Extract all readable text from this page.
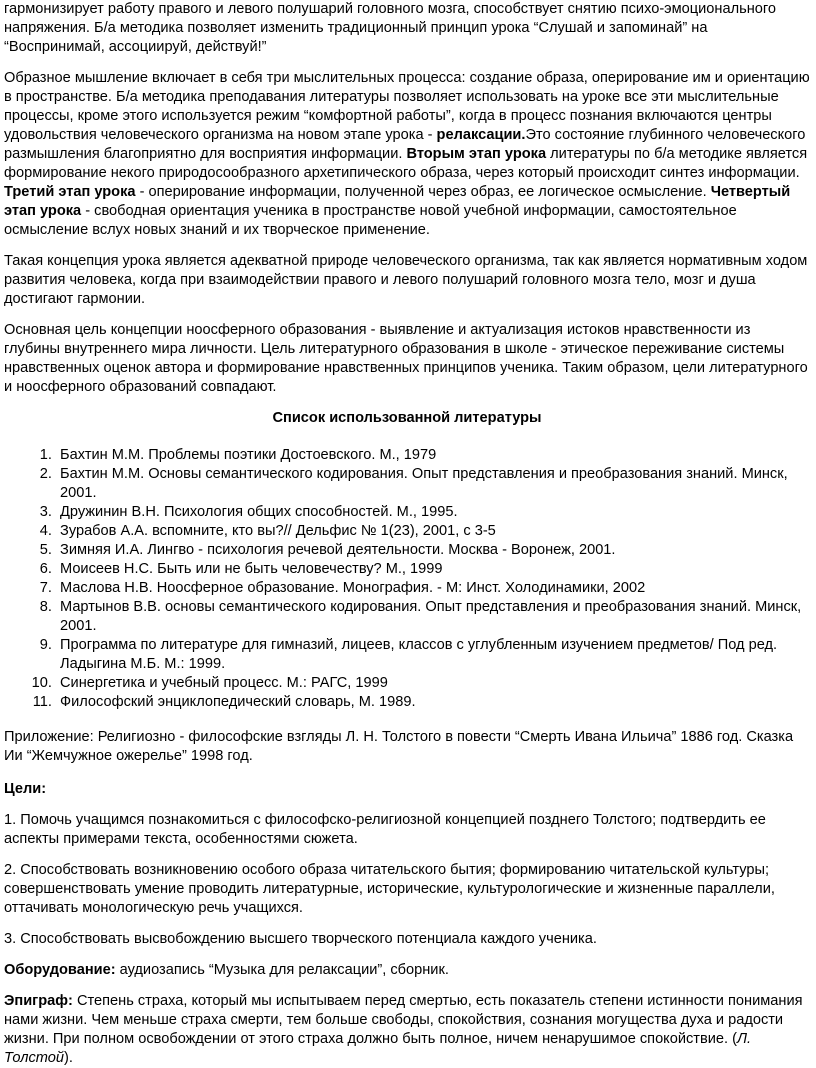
гармонизирует работу правого и левого полушарий головного мозга, способствует снятию психо-эмоционального напряжения. Б/а методика позволяет изменить традиционный принцип урока “Слушай и запоминай” на “Воспринимай, ассоциируй, действуй!”

Образное мышление включает в себя три мыслительных процесса: создание образа, оперирование им и ориентацию в пространстве. Б/а методика преподавания литературы позволяет использовать на уроке все эти мыслительные процессы, кроме этого используется режим “комфортной работы”, когда в процесс познания включаются центры удовольствия человеческого организма на новом этапе урока - релаксации.Это состояние глубинного человеческого размышления благоприятно для восприятия информации. Вторым этап урока литературы по б/а методике является формирование некого природосообразного архетипического образа, через который происходит синтез информации. Третий этап урока - оперирование информации, полученной через образ, ее логическое осмысление. Четвертый этап урока - свободная ориентация ученика в пространстве новой учебной информации, самостоятельное осмысление вслух новых знаний и их творческое применение.

Такая концепция урока является адекватной природе человеческого организма, так как является нормативным ходом развития человека, когда при взаимодействии правого и левого полушарий головного мозга тело, мозг и душа достигают гармонии.

Основная цель концепции ноосферного образования - выявление и актуализация истоков нравственности из глубины внутреннего мира личности. Цель литературного образования в школе - этическое переживание системы нравственных оценок автора и формирование нравственных принципов ученика. Таким образом, цели литературного и ноосферного образований совпадают.

Список использованной литературы

1. Бахтин М.М. Проблемы поэтики Достоевского. М., 1979
2. Бахтин М.М. Основы семантического кодирования. Опыт представления и преобразования знаний. Минск, 2001.
3. Дружинин В.Н. Психология общих способностей. М., 1995.
4. Зурабов А.А. вспомните, кто вы?// Дельфис № 1(23), 2001, с 3-5
5. Зимняя И.А. Лингво - психология речевой деятельности. Москва - Воронеж, 2001.
6. Моисеев Н.С. Быть или не быть человечеству? М., 1999
7. Маслова Н.В. Ноосферное образование. Монография. - М: Инст. Холодинамики, 2002
8. Мартынов В.В. основы семантического кодирования. Опыт представления и преобразования знаний. Минск, 2001.
9. Программа по литературе для гимназий, лицеев, классов с углубленным изучением предметов/ Под ред. Ладыгина М.Б. М.: 1999.
10. Синергетика и учебный процесс. М.: РАГС, 1999
11. Философский энциклопедический словарь, М. 1989.

Приложение: Религиозно - философские взгляды Л. Н. Толстого в повести “Смерть Ивана Ильича” 1886 год. Сказка Ии “Жемчужное ожерелье” 1998 год.

Цели:

1. Помочь учащимся познакомиться с философско-религиозной концепцией позднего Толстого; подтвердить ее аспекты примерами текста, особенностями сюжета.

2. Способствовать возникновению особого образа читательского бытия; формированию читательской культуры; совершенствовать умение проводить литературные, исторические, культурологические и жизненные параллели, оттачивать монологическую речь учащихся.

3. Способствовать высвобождению высшего творческого потенциала каждого ученика.

Оборудование: аудиозапись “Музыка для релаксации”, сборник.

Эпиграф: Степень страха, который мы испытываем перед смертью, есть показатель степени истинности понимания нами жизни. Чем меньше страха смерти, тем больше свободы, спокойствия, сознания могущества духа и радости жизни. При полном освобождении от этого страха должно быть полное, ничем ненарушимое спокойствие. (Л. Толстой).
